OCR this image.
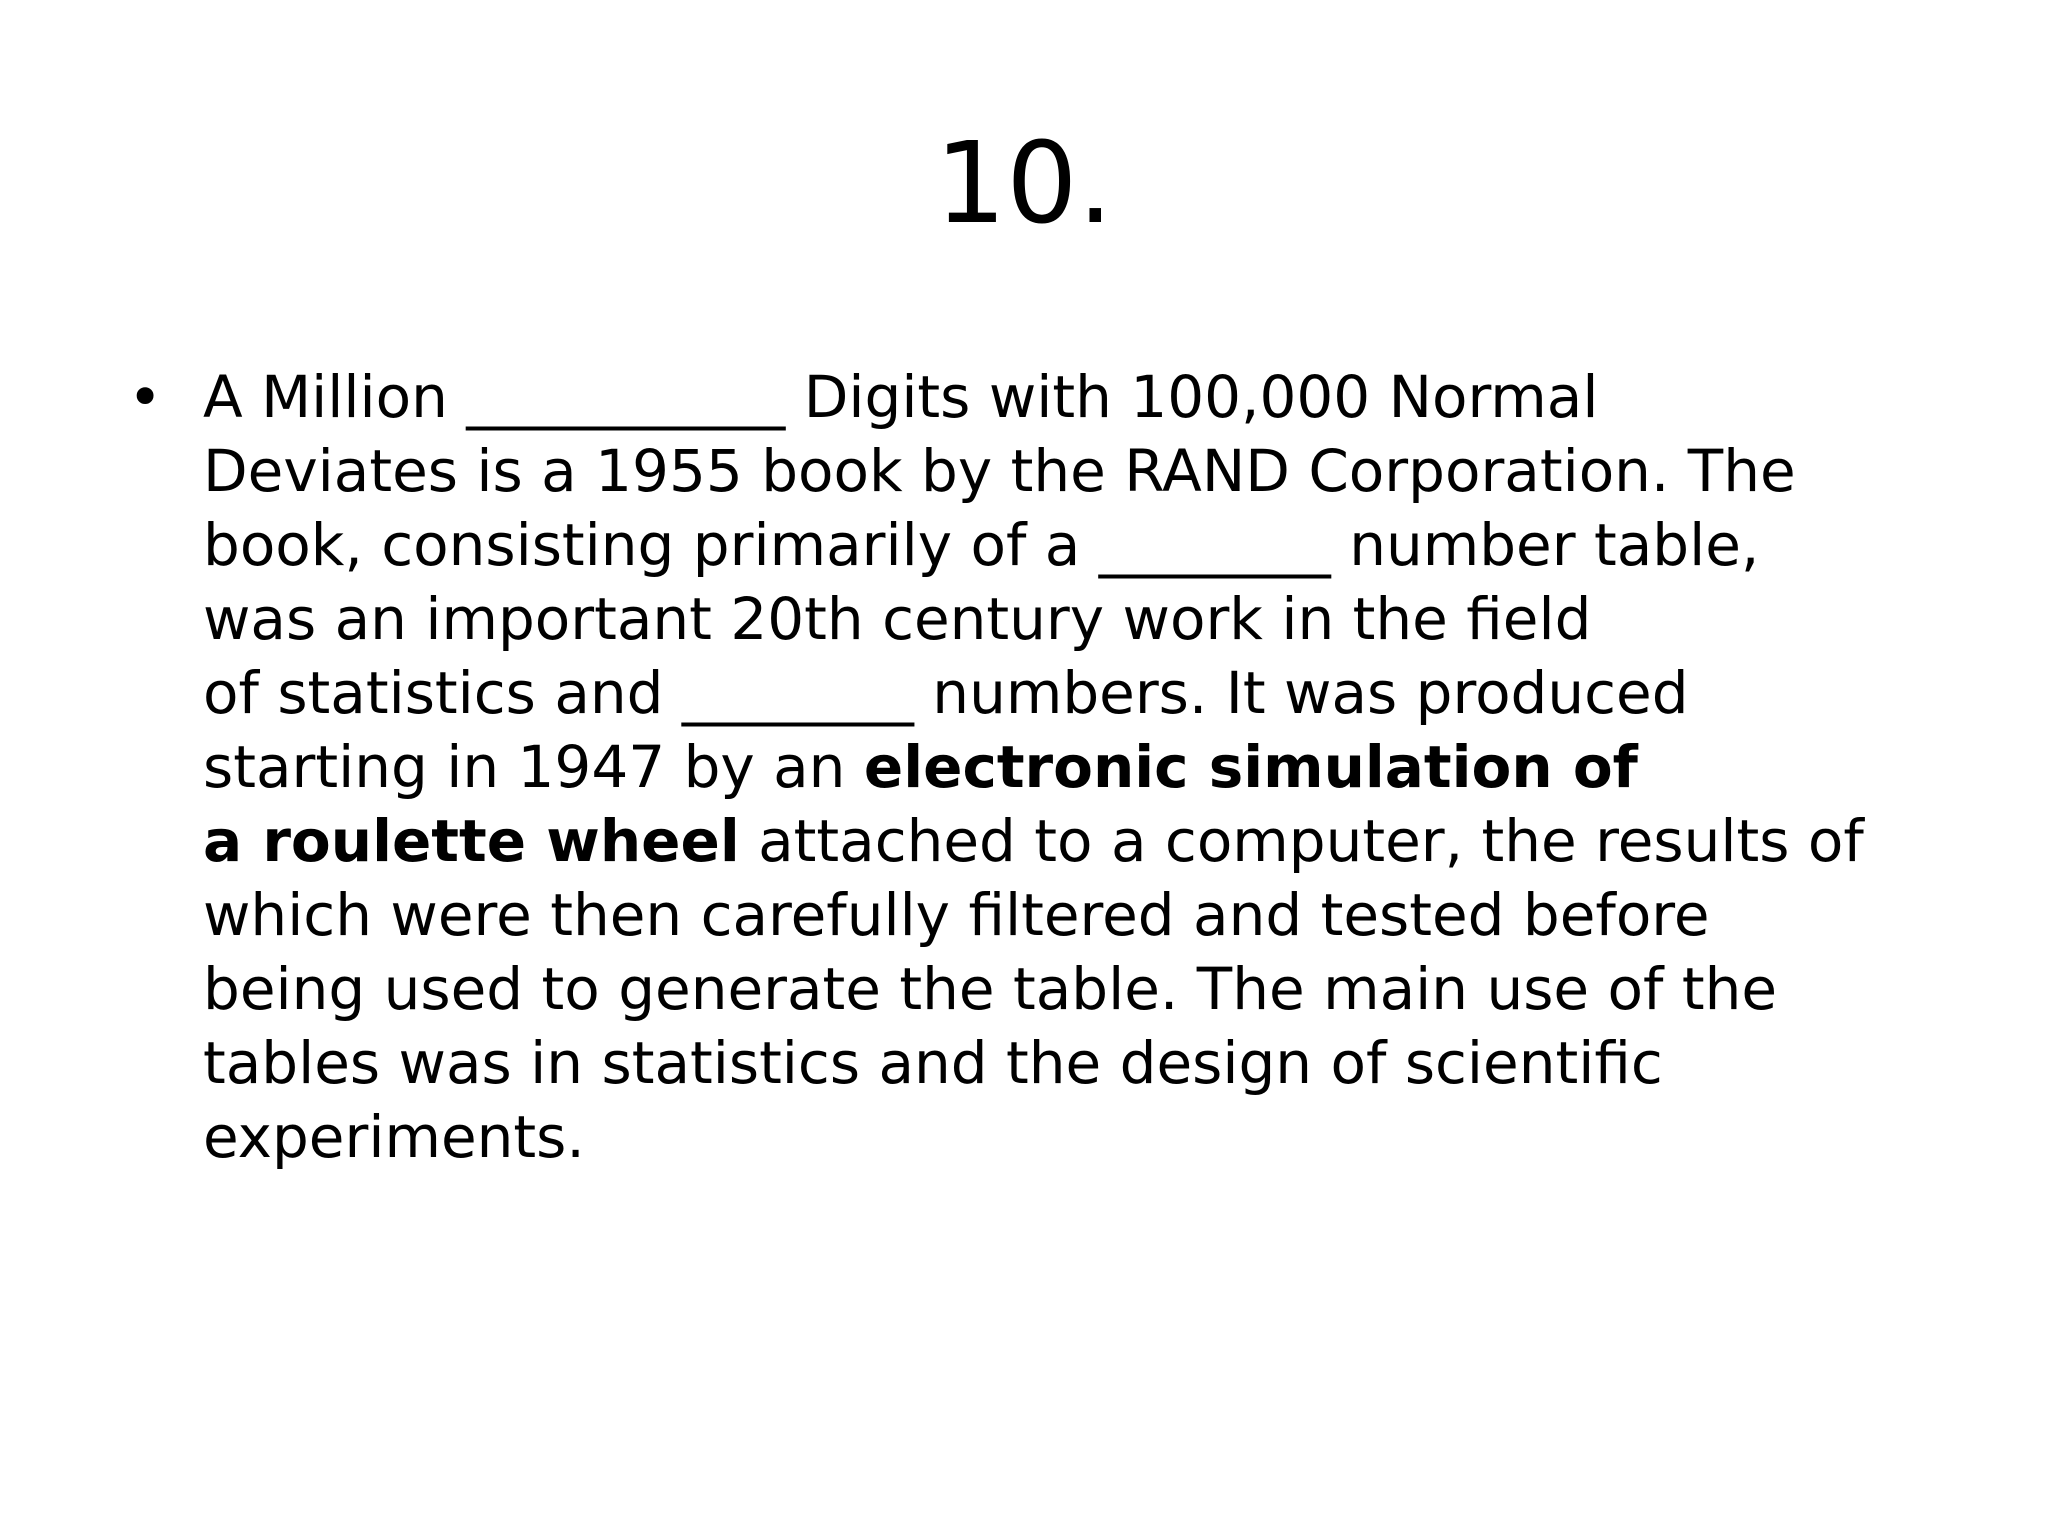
10.
• A Million ___________ Digits with 100,000 Normal
Deviates is a 1955 book by the RAND Corporation. The
book, consisting primarily of a ________ number table,
was an important 20th century work in the field
of statistics and ________ numbers. It was produced
starting in 1947 by an electronic simulation of
a roulette wheel attached to a computer, the results of
which were then carefully filtered and tested before
being used to generate the table. The main use of the
tables was in statistics and the design of scientific
experiments.
